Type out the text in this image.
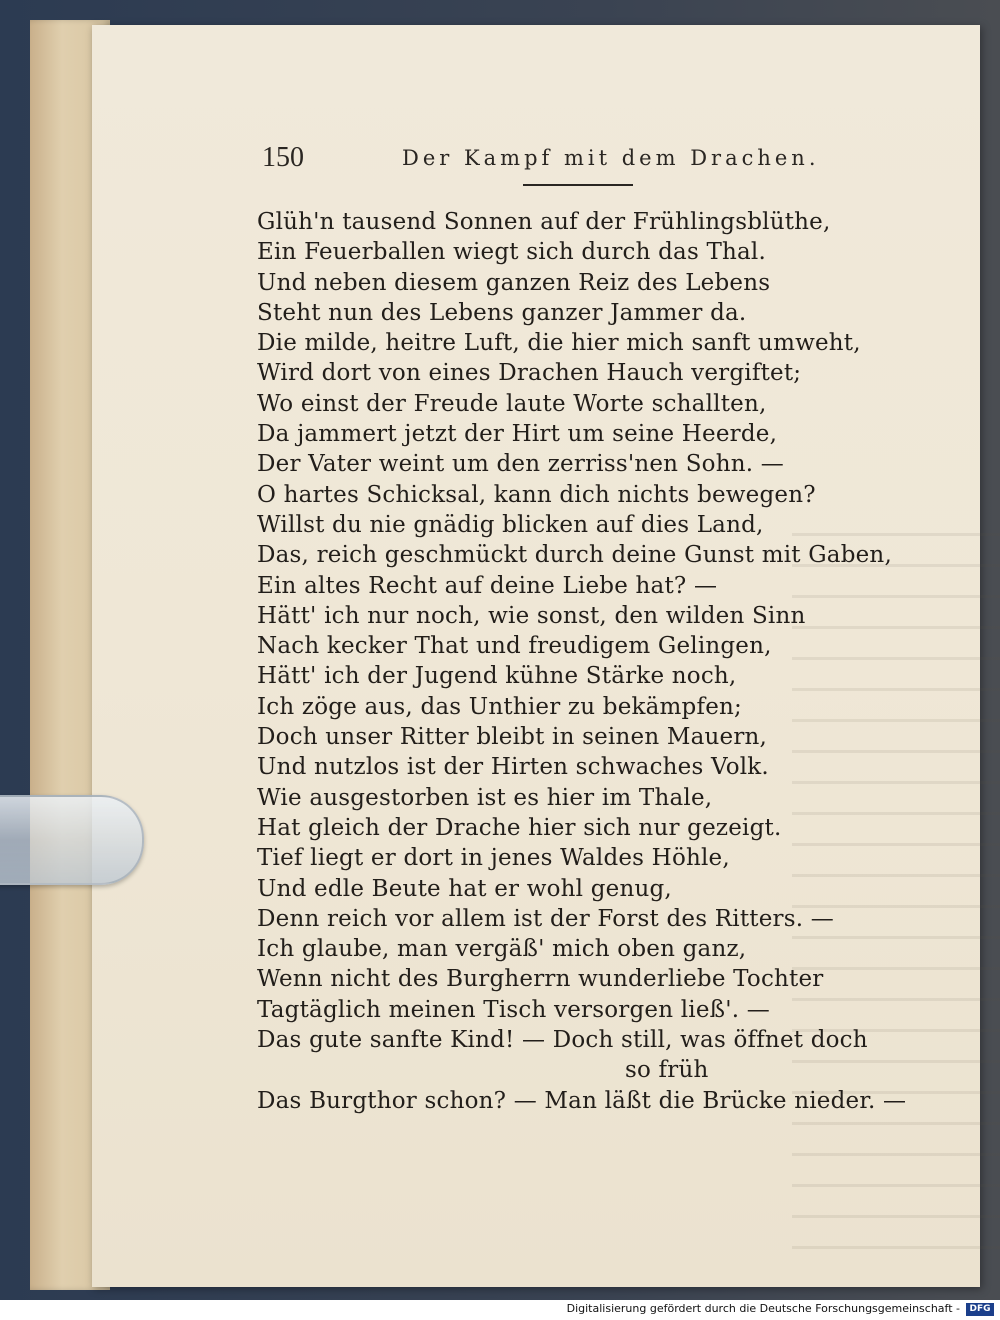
150	Der Kampf mit dem Drachen.
Glüh'n tausend Sonnen auf der Frühlingsblüthe,
Ein Feuerballen wiegt sich durch das Thal.
Und neben diesem ganzen Reiz des Lebens
Steht nun des Lebens ganzer Jammer da.
Die milde, heitre Luft, die hier mich sanft umweht,
Wird dort von eines Drachen Hauch vergiftet;
Wo einst der Freude laute Worte schallten,
Da jammert jetzt der Hirt um seine Heerde,
Der Vater weint um den zerriss'nen Sohn. —
O hartes Schicksal, kann dich nichts bewegen?
Willst du nie gnädig blicken auf dies Land,
Das, reich geschmückt durch deine Gunst mit Gaben,
Ein altes Recht auf deine Liebe hat? —
Hätt' ich nur noch, wie sonst, den wilden Sinn
Nach kecker That und freudigem Gelingen,
Hätt' ich der Jugend kühne Stärke noch,
Ich zöge aus, das Unthier zu bekämpfen;
Doch unser Ritter bleibt in seinen Mauern,
Und nutzlos ist der Hirten schwaches Volk.
Wie ausgestorben ist es hier im Thale,
Hat gleich der Drache hier sich nur gezeigt.
Tief liegt er dort in jenes Waldes Höhle,
Und edle Beute hat er wohl genug,
Denn reich vor allem ist der Forst des Ritters. —
Ich glaube, man vergäß' mich oben ganz,
Wenn nicht des Burgherrn wunderliebe Tochter
Tagtäglich meinen Tisch versorgen ließ'. —
Das gute sanfte Kind! — Doch still, was öffnet doch
so früh
Das Burgthor schon? — Man läßt die Brücke nieder. —
Digitalisierung gefördert durch die Deutsche Forschungsgemeinschaft -	DFG
